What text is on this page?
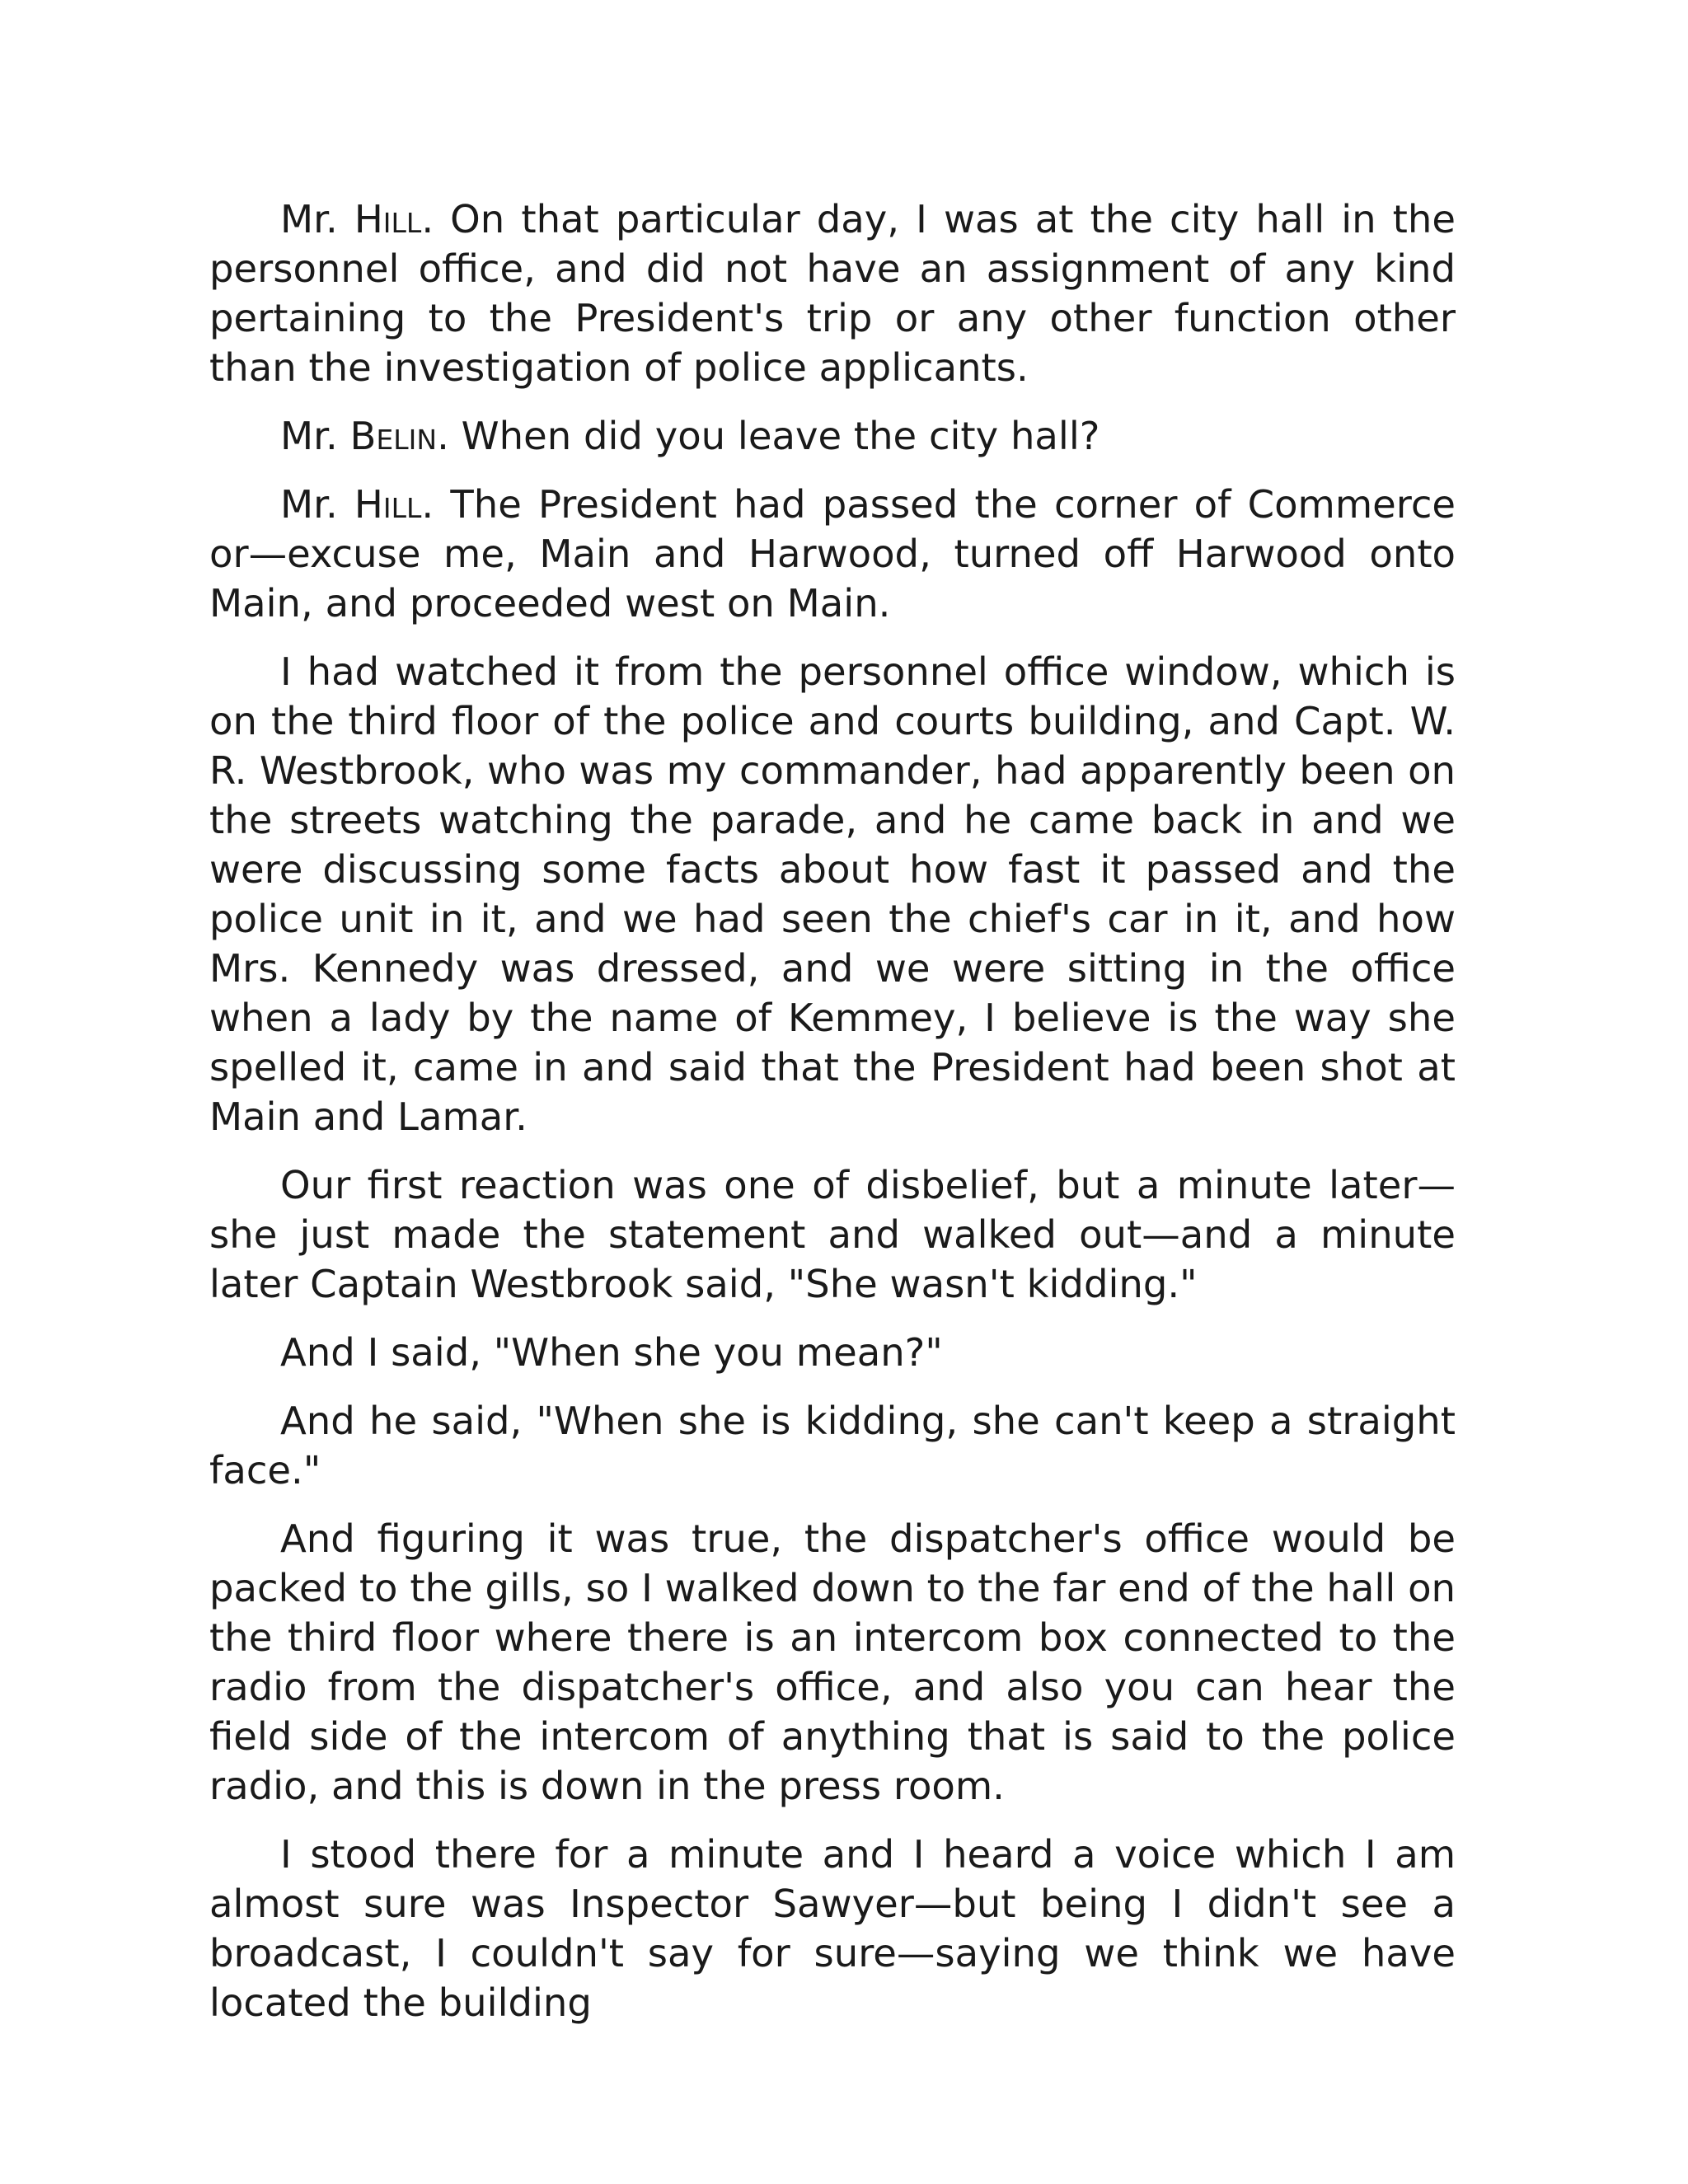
Mr. Hill. On that particular day, I was at the city hall in the personnel office, and did not have an assignment of any kind pertaining to the President's trip or any other function other than the investigation of police applicants.

Mr. Belin. When did you leave the city hall?

Mr. Hill. The President had passed the corner of Commerce or—excuse me, Main and Harwood, turned off Harwood onto Main, and proceeded west on Main.

I had watched it from the personnel office window, which is on the third floor of the police and courts building, and Capt. W. R. Westbrook, who was my commander, had apparently been on the streets watching the parade, and he came back in and we were discussing some facts about how fast it passed and the police unit in it, and we had seen the chief's car in it, and how Mrs. Kennedy was dressed, and we were sitting in the office when a lady by the name of Kemmey, I believe is the way she spelled it, came in and said that the President had been shot at Main and Lamar.

Our first reaction was one of disbelief, but a minute later—she just made the statement and walked out—and a minute later Captain Westbrook said, "She wasn't kidding."

And I said, "When she you mean?"

And he said, "When she is kidding, she can't keep a straight face."

And figuring it was true, the dispatcher's office would be packed to the gills, so I walked down to the far end of the hall on the third floor where there is an intercom box connected to the radio from the dispatcher's office, and also you can hear the field side of the intercom of anything that is said to the police radio, and this is down in the press room.

I stood there for a minute and I heard a voice which I am almost sure was Inspector Sawyer—but being I didn't see a broadcast, I couldn't say for sure—saying we think we have located the building
